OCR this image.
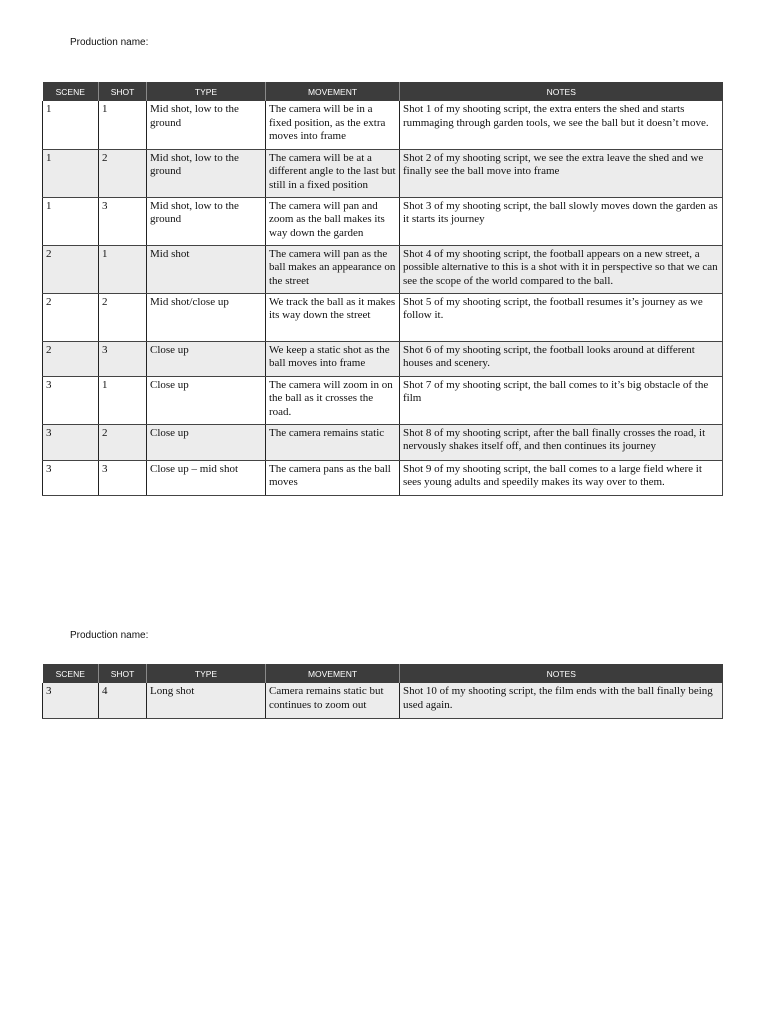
Production name:
SCENE	SHOT	TYPE	MOVEMENT	NOTES
1	1	Mid shot, low to the ground	The camera will be in a fixed position, as the extra moves into frame	Shot 1 of my shooting script, the extra enters the shed and starts rummaging through garden tools, we see the ball but it doesn’t move.
1	2	Mid shot, low to the ground	The camera will be at a different angle to the last but still in a fixed position	Shot 2 of my shooting script, we see the extra leave the shed and we finally see the ball move into frame
1	3	Mid shot, low to the ground	The camera will pan and zoom as the ball makes its way down the garden	Shot 3 of my shooting script, the ball slowly moves down the garden as it starts its journey
2	1	Mid shot	The camera will pan as the ball makes an appearance on the street	Shot 4 of my shooting script, the football appears on a new street, a possible alternative to this is a shot with it in perspective so that we can see the scope of the world compared to the ball.
2	2	Mid shot/close up	We track the ball as it makes its way down the street	Shot 5 of my shooting script, the football resumes it’s journey as we follow it.
2	3	Close up	We keep a static shot as the ball moves into frame	Shot 6 of my shooting script, the football looks around at different houses and scenery.
3	1	Close up	The camera will zoom in on the ball as it crosses the road.	Shot 7 of my shooting script, the ball comes to it’s big obstacle of the film
3	2	Close up	The camera remains static	Shot 8 of my shooting script, after the ball finally crosses the road, it nervously shakes itself off, and then continues its journey
3	3	Close up – mid shot	The camera pans as the ball moves	Shot 9 of my shooting script, the ball comes to a large field where it sees young adults and speedily makes its way over to them.
Production name:
SCENE	SHOT	TYPE	MOVEMENT	NOTES
3	4	Long shot	Camera remains static but continues to zoom out	Shot 10 of my shooting script, the film ends with the ball finally being used again.
